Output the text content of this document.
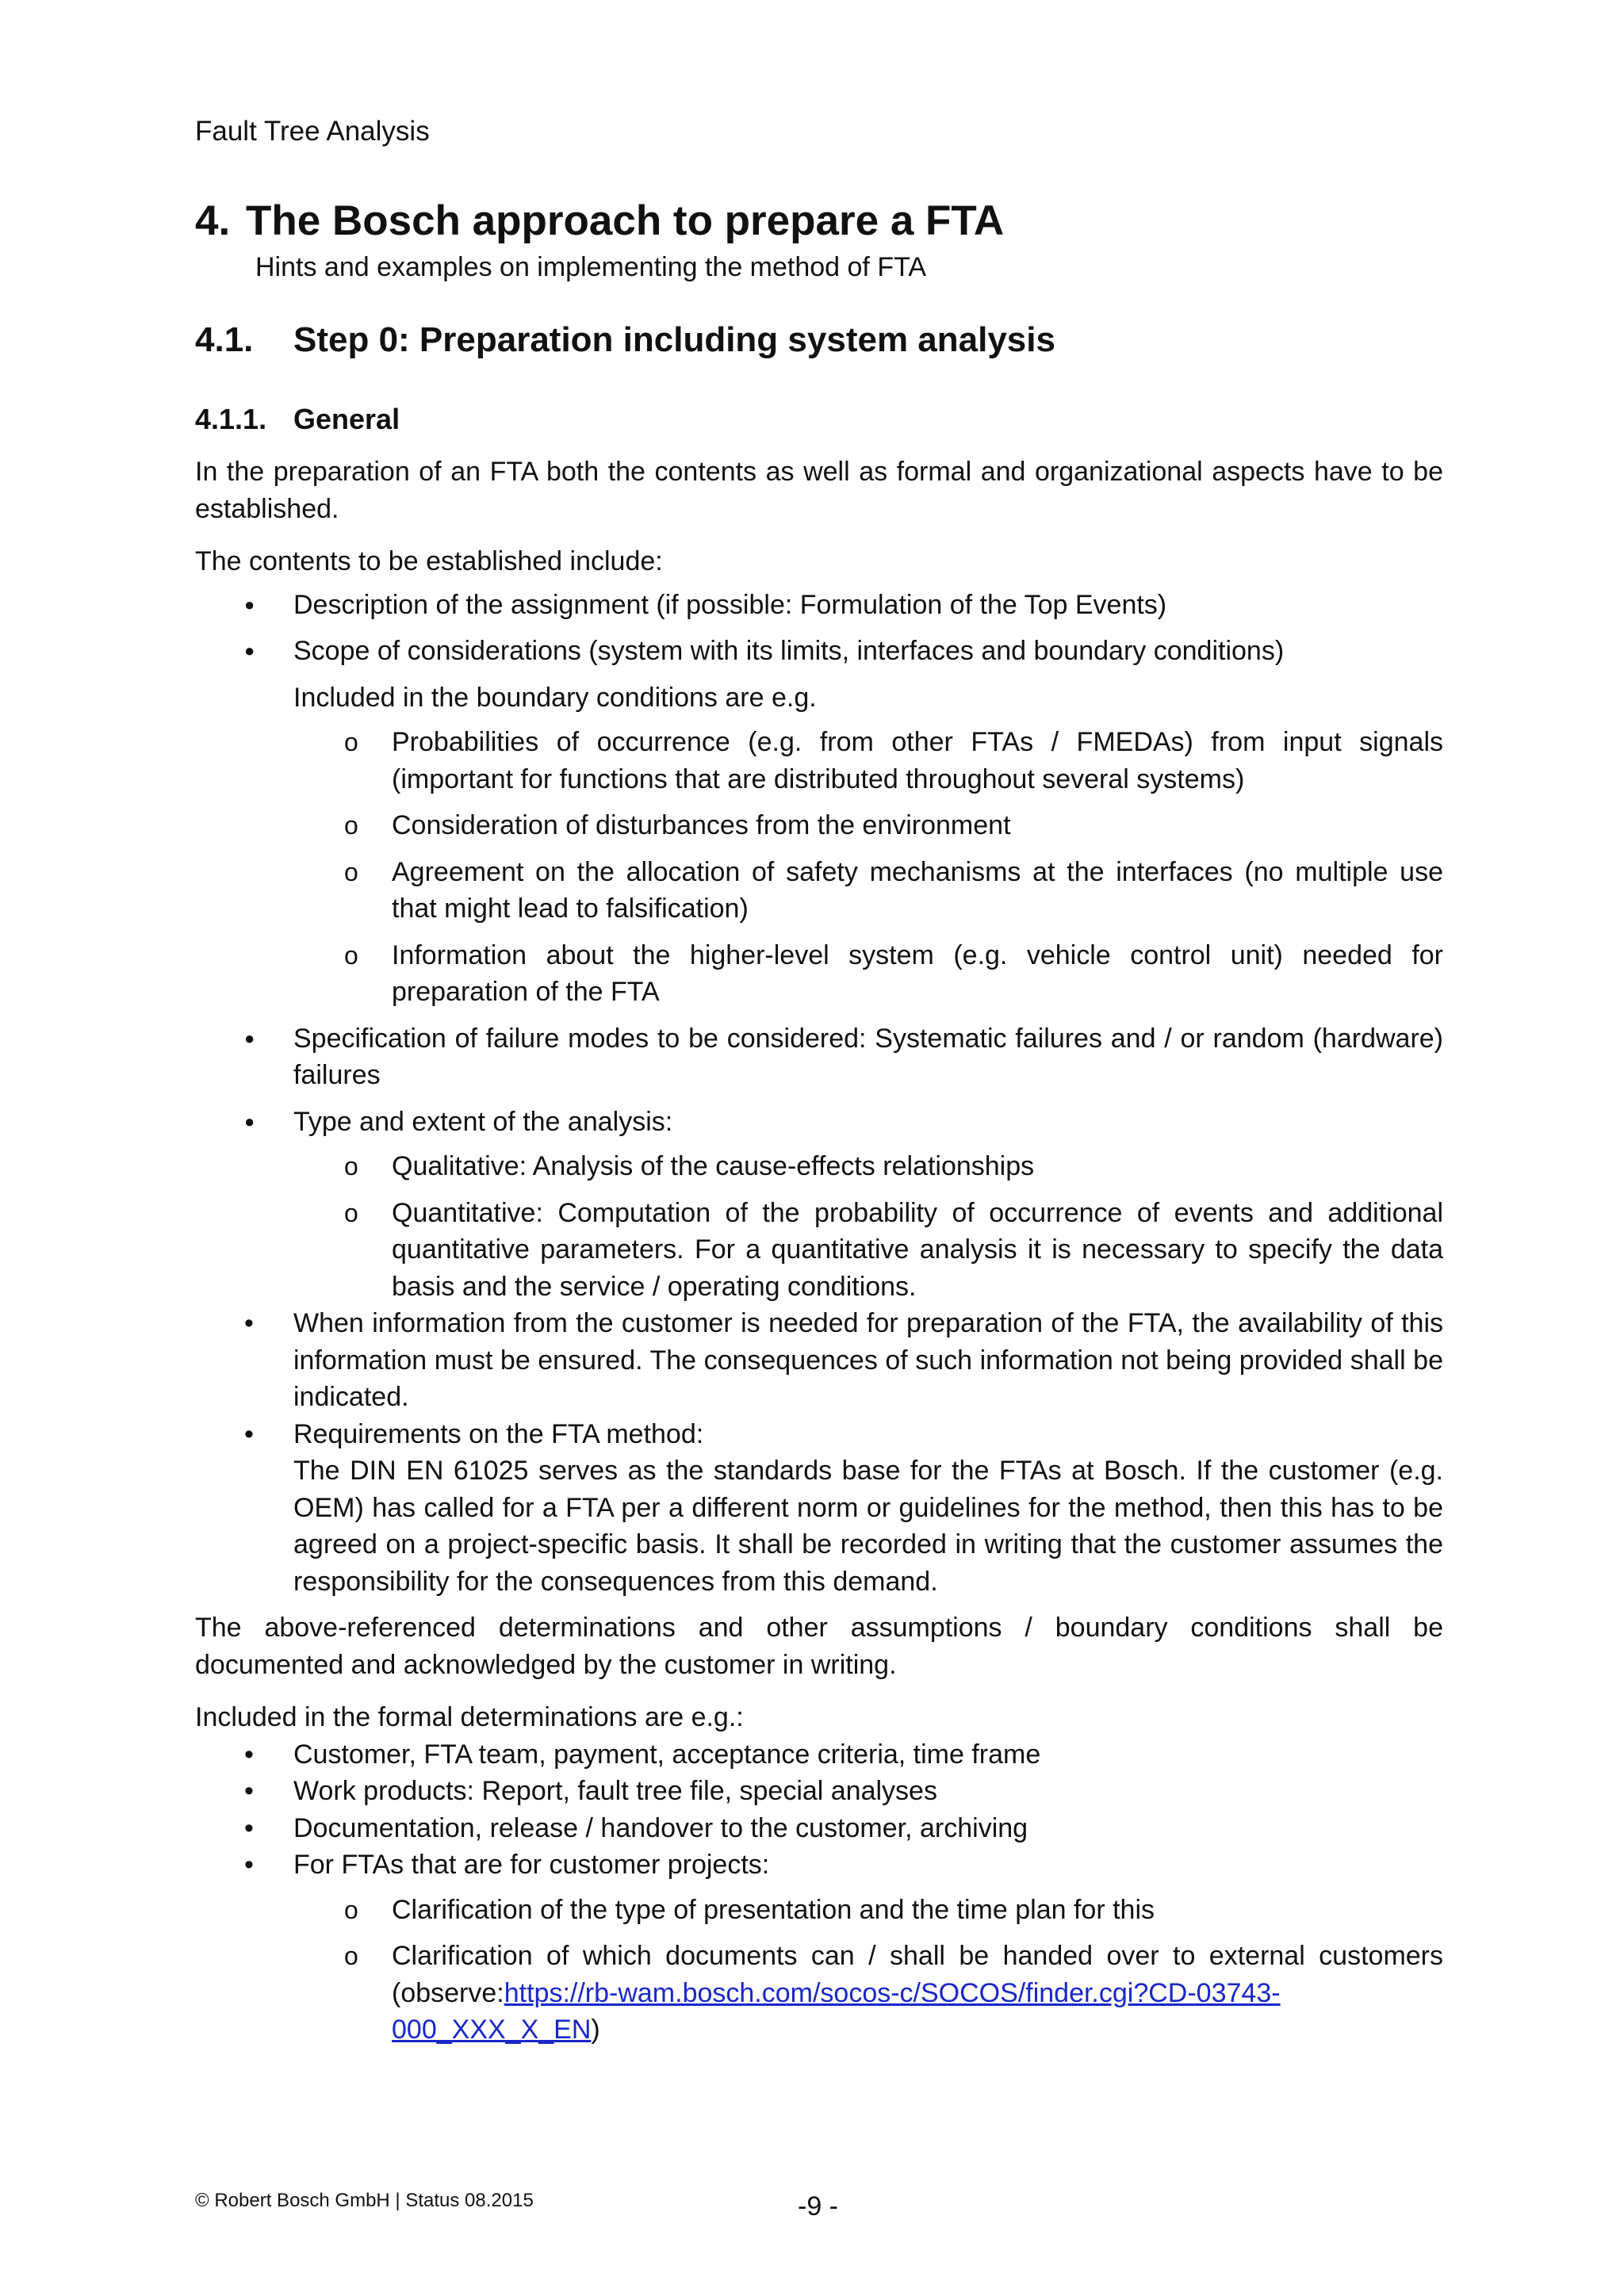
Fault Tree Analysis
4. The Bosch approach to prepare a FTA
Hints and examples on implementing the method of FTA
4.1. Step 0: Preparation including system analysis
4.1.1. General

In the preparation of an FTA both the contents as well as formal and organizational aspects have to be established.

The contents to be established include:

●
Description of the assignment (if possible: Formulation of the Top Events)
●
Scope of considerations (system with its limits, interfaces and boundary conditions)
Included in the boundary conditions are e.g.
o
Probabilities of occurrence (e.g. from other FTAs / FMEDAs) from input signals (important for functions that are distributed throughout several systems)
o
Consideration of disturbances from the environment
o
Agreement on the allocation of safety mechanisms at the interfaces (no multiple use that might lead to falsification)
o
Information about the higher-level system (e.g. vehicle control unit) needed for preparation of the FTA
●
Specification of failure modes to be considered: Systematic failures and / or random (hardware) failures
●
Type and extent of the analysis:
o
Qualitative: Analysis of the cause-effects relationships
o
Quantitative: Computation of the probability of occurrence of events and additional quantitative parameters. For a quantitative analysis it is necessary to specify the data basis and the service / operating conditions.
•
When information from the customer is needed for preparation of the FTA, the availability of this information must be ensured. The consequences of such information not being provided shall be indicated.
•
Requirements on the FTA method:
The DIN EN 61025 serves as the standards base for the FTAs at Bosch. If the customer (e.g. OEM) has called for a FTA per a different norm or guidelines for the method, then this has to be agreed on a project-specific basis. It shall be recorded in writing that the customer assumes the responsibility for the consequences from this demand.

The above-referenced determinations and other assumptions / boundary conditions shall be documented and acknowledged by the customer in writing.

Included in the formal determinations are e.g.:

•
Customer, FTA team, payment, acceptance criteria, time frame
•
Work products: Report, fault tree file, special analyses
•
Documentation, release / handover to the customer, archiving
•
For FTAs that are for customer projects:
o
Clarification of the type of presentation and the time plan for this
o
Clarification of which documents can / shall be handed over to external customers (observe:https://rb-wam.bosch.com/socos-c/SOCOS/finder.cgi?CD-03743-000_XXX_X_EN)
© Robert Bosch GmbH | Status 08.2015	-9 -
